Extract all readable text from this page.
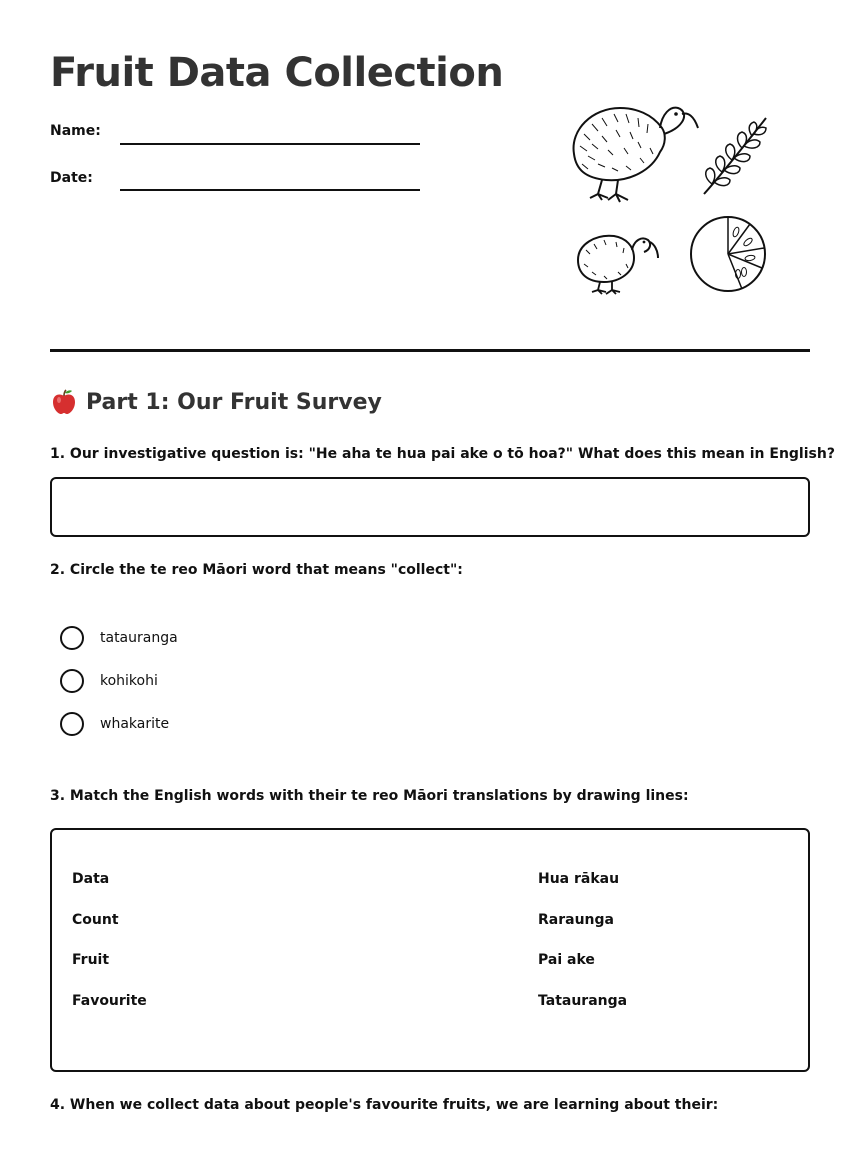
Fruit Data Collection
Name:
Date:
Part 1: Our Fruit Survey
1. Our investigative question is: "He aha te hua pai ake o tō hoa?" What does this mean in English?
2. Circle the te reo Māori word that means "collect":
tatauranga
kohikohi
whakarite
3. Match the English words with their te reo Māori translations by drawing lines:
Data
Count
Fruit
Favourite
Hua rākau
Raraunga
Pai ake
Tatauranga
4. When we collect data about people's favourite fruits, we are learning about their:
